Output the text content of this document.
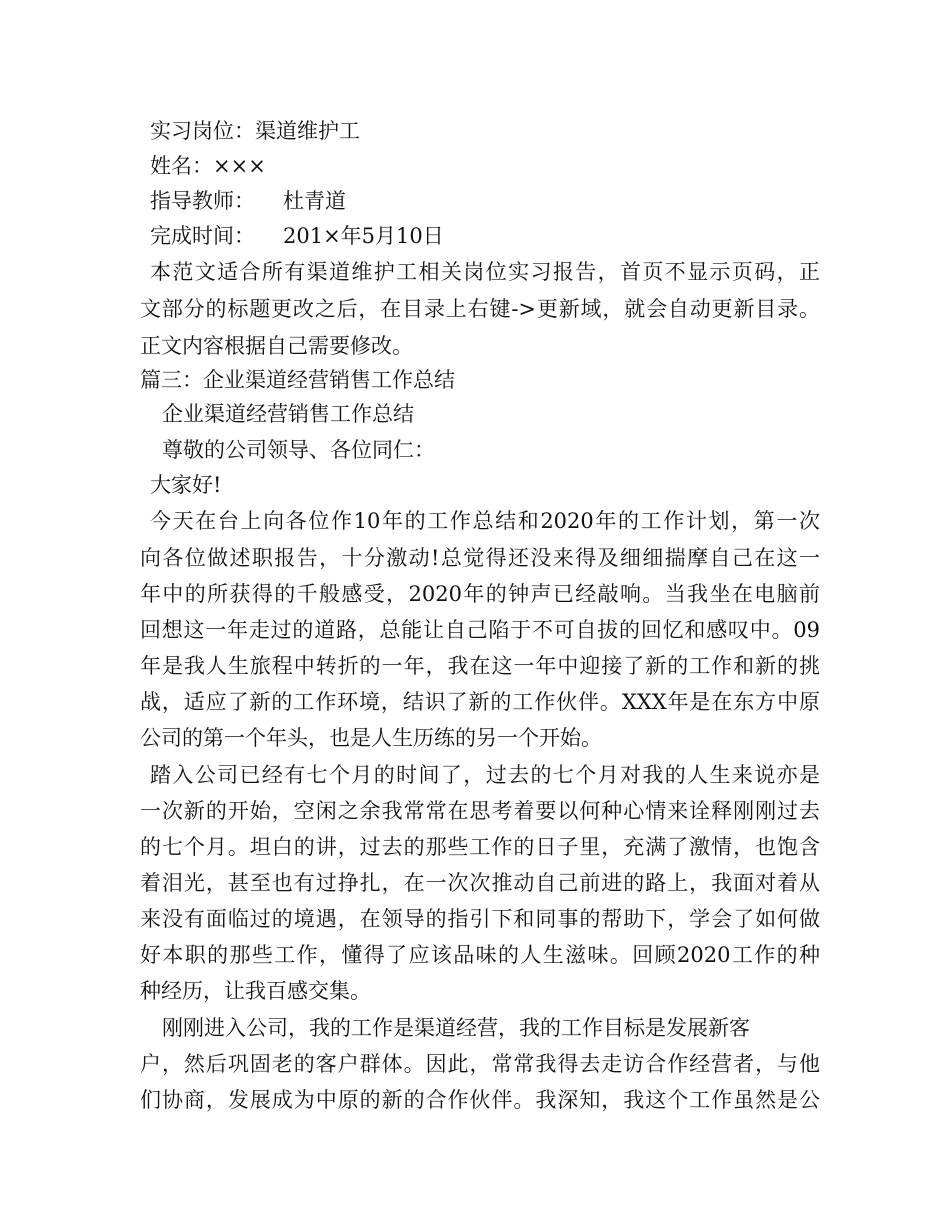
实习岗位：渠道维护工
姓名：×××
指导教师： 杜青道
完成时间： 201×年5月10日
本范文适合所有渠道维护工相关岗位实习报告，首页不显示页码，正
文部分的标题更改之后，在目录上右键->更新域，就会自动更新目录。
正文内容根据自己需要修改。
篇三：企业渠道经营销售工作总结
企业渠道经营销售工作总结
尊敬的公司领导、各位同仁：
大家好!
今天在台上向各位作10年的工作总结和2020年的工作计划，第一次
向各位做述职报告，十分激动!总觉得还没来得及细细揣摩自己在这一
年中的所获得的千般感受，2020年的钟声已经敲响。当我坐在电脑前
回想这一年走过的道路，总能让自己陷于不可自拔的回忆和感叹中。09
年是我人生旅程中转折的一年，我在这一年中迎接了新的工作和新的挑
战，适应了新的工作环境，结识了新的工作伙伴。XXX年是在东方中原
公司的第一个年头，也是人生历练的另一个开始。
踏入公司已经有七个月的时间了，过去的七个月对我的人生来说亦是
一次新的开始，空闲之余我常常在思考着要以何种心情来诠释刚刚过去
的七个月。坦白的讲，过去的那些工作的日子里，充满了激情，也饱含
着泪光，甚至也有过挣扎，在一次次推动自己前进的路上，我面对着从
来没有面临过的境遇，在领导的指引下和同事的帮助下，学会了如何做
好本职的那些工作，懂得了应该品味的人生滋味。回顾2020工作的种
种经历，让我百感交集。
刚刚进入公司，我的工作是渠道经营，我的工作目标是发展新客
户，然后巩固老的客户群体。因此，常常我得去走访合作经营者，与他
们协商，发展成为中原的新的合作伙伴。我深知，我这个工作虽然是公
